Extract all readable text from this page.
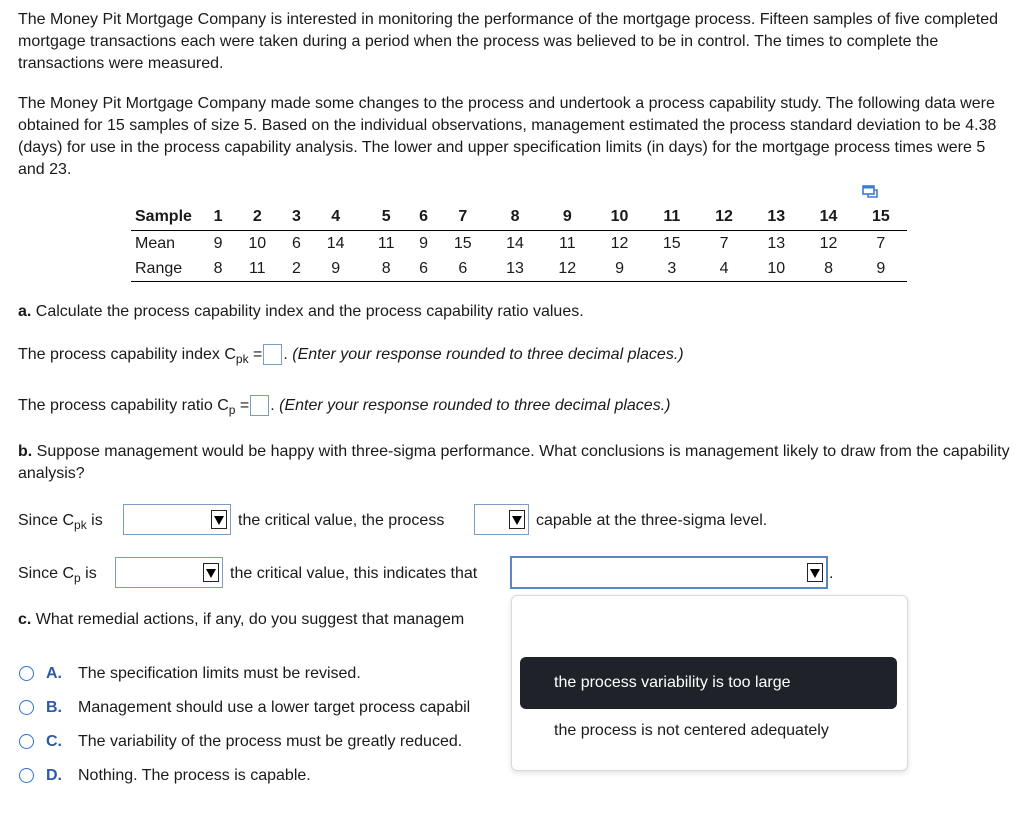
The Money Pit Mortgage Company is interested in monitoring the performance of the mortgage process. Fifteen samples of five completed mortgage transactions each were taken during a period when the process was believed to be in control. The times to complete the transactions were measured.

The Money Pit Mortgage Company made some changes to the process and undertook a process capability study. The following data were obtained for 15 samples of size 5. Based on the individual observations, management estimated the process standard deviation to be 4.38 (days) for use in the process capability analysis. The lower and upper specification limits (in days) for the mortgage process times were 5 and 23.

Sample	1	2	3	4	5	6	7	8	9	10	11	12	13	14	15
Mean	9	10	6	14	11	9	15	14	11	12	15	7	13	12	7
Range	8	11	2	9	8	6	6	13	12	9	3	4	10	8	9

a. Calculate the process capability index and the process capability ratio values.

The process capability index $C_{pk}$ = . (Enter your response rounded to three decimal places.)

The process capability ratio $C_p$ = . (Enter your response rounded to three decimal places.)

b. Suppose management would be happy with three-sigma performance. What conclusions is management likely to draw from the capability analysis?

Since $C_{pk}$ is	the critical value, the process	capable at the three-sigma level.
Since $C_p$ is	the critical value, this indicates that	.

c. What remedial actions, if any, do you suggest that managem

A. The specification limits must be revised.
B. Management should use a lower target process capabil
C. The variability of the process must be greatly reduced.
D. Nothing. The process is capable.
the process variability is too large
the process is not centered adequately
